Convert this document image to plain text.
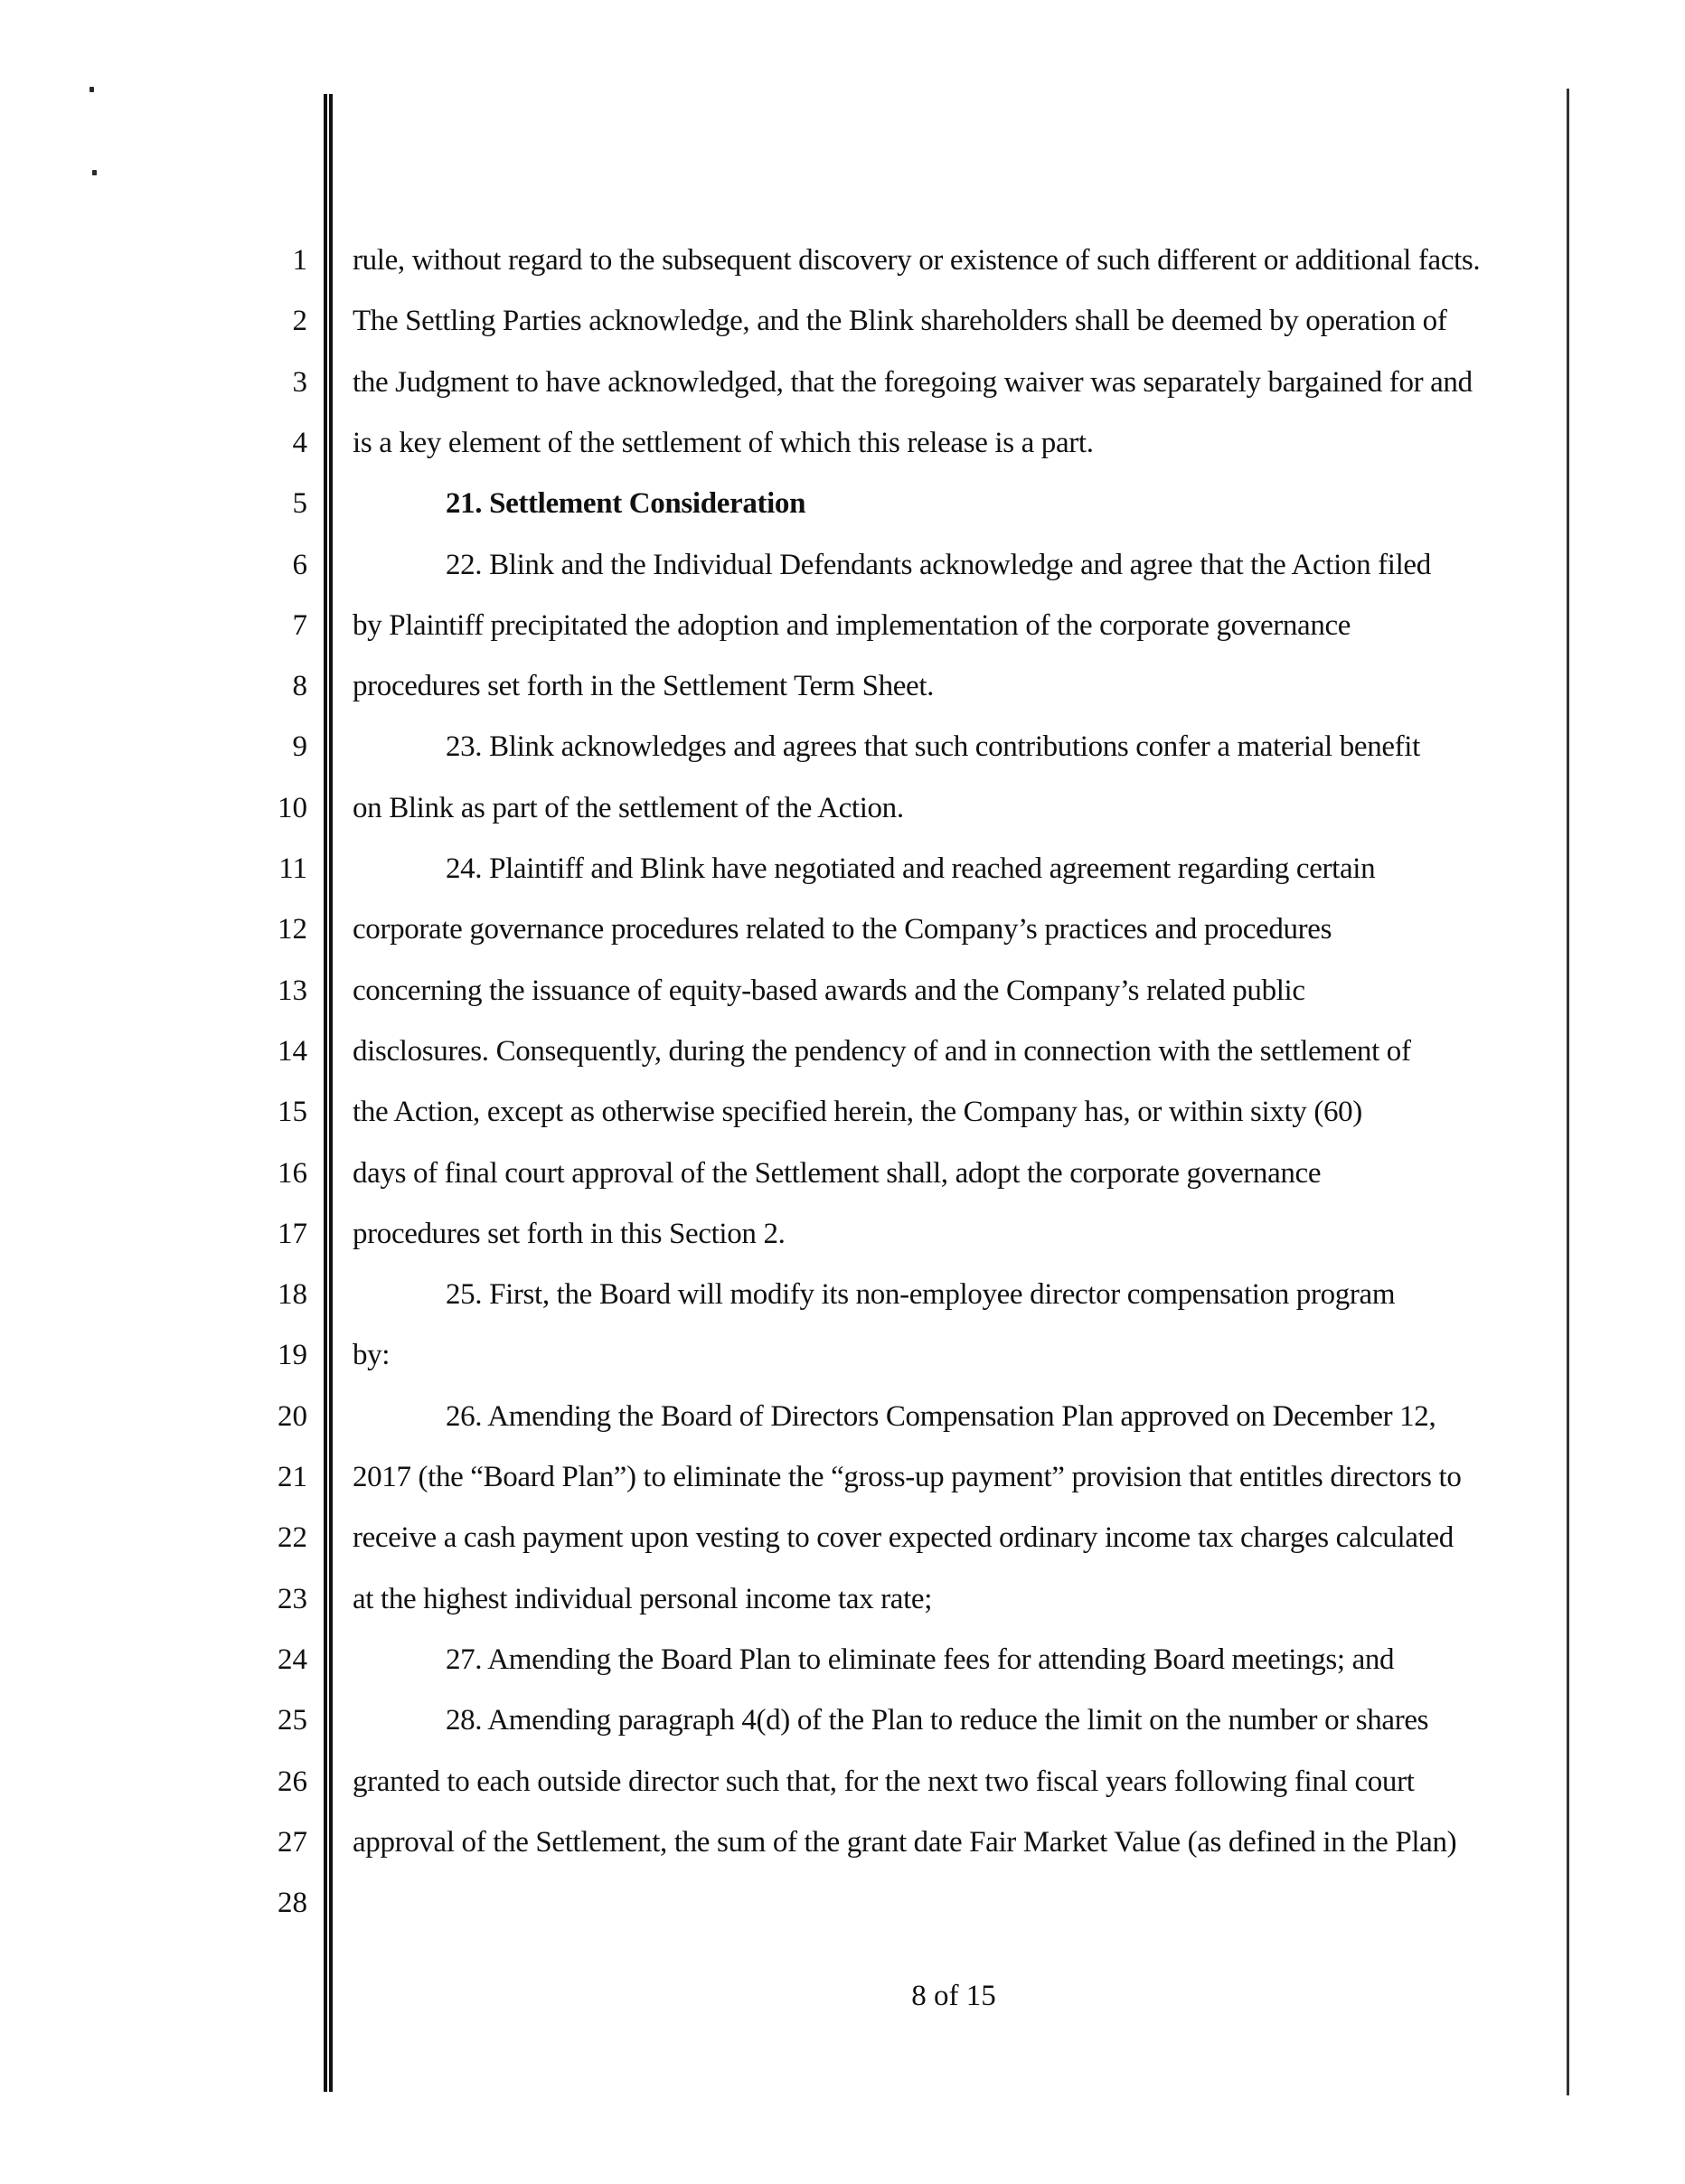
1
2
3
4
5
6
7
8
9
10
11
12
13
14
15
16
17
18
19
20
21
22
23
24
25
26
27
28
rule, without regard to the subsequent discovery or existence of such different or additional facts.
The Settling Parties acknowledge, and the Blink shareholders shall be deemed by operation of
the Judgment to have acknowledged, that the foregoing waiver was separately bargained for and
is a key element of the settlement of which this release is a part.
21. Settlement Consideration
22. Blink and the Individual Defendants acknowledge and agree that the Action filed
by Plaintiff precipitated the adoption and implementation of the corporate governance
procedures set forth in the Settlement Term Sheet.
23. Blink acknowledges and agrees that such contributions confer a material benefit
on Blink as part of the settlement of the Action.
24. Plaintiff and Blink have negotiated and reached agreement regarding certain
corporate governance procedures related to the Company’s practices and procedures
concerning the issuance of equity-based awards and the Company’s related public
disclosures. Consequently, during the pendency of and in connection with the settlement of
the Action, except as otherwise specified herein, the Company has, or within sixty (60)
days of final court approval of the Settlement shall, adopt the corporate governance
procedures set forth in this Section 2.
25. First, the Board will modify its non-employee director compensation program
by:
26. Amending the Board of Directors Compensation Plan approved on December 12,
2017 (the “Board Plan”) to eliminate the “gross-up payment” provision that entitles directors to
receive a cash payment upon vesting to cover expected ordinary income tax charges calculated
at the highest individual personal income tax rate;
27. Amending the Board Plan to eliminate fees for attending Board meetings; and
28. Amending paragraph 4(d) of the Plan to reduce the limit on the number or shares
granted to each outside director such that, for the next two fiscal years following final court
approval of the Settlement, the sum of the grant date Fair Market Value (as defined in the Plan)
8 of 15
